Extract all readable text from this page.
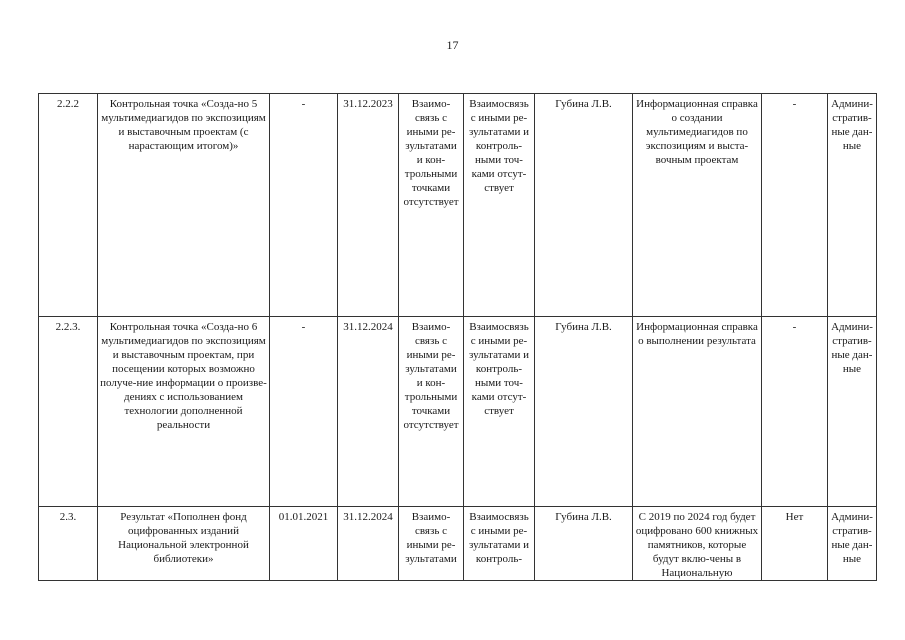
17
2.2.2	Контрольная точка «Созда-но 5 мультимедиагидов по экспозициям и выставочным проектам (с нарастающим итогом)»	-	31.12.2023	Взаимо-связь с иными ре-зультатами и кон-трольными точками отсутствует	Взаимосвязь с иными ре-зультатами и контроль-ными точ-ками отсут-ствует	Губина Л.В.	Информационная справка о создании мультимедиагидов по экспозициям и выста-вочным проектам	-	Админи-стратив-ные дан-ные
2.2.3.	Контрольная точка «Созда-но 6 мультимедиагидов по экспозициям и выставочным проектам, при посещении которых возможно получе-ние информации о произве-дениях с использованием технологии дополненной реальности	-	31.12.2024	Взаимо-связь с иными ре-зультатами и кон-трольными точками отсутствует	Взаимосвязь с иными ре-зультатами и контроль-ными точ-ками отсут-ствует	Губина Л.В.	Информационная справка о выполнении результата	-	Админи-стратив-ные дан-ные
2.3.	Результат «Пополнен фонд оцифрованных изданий Национальной электронной библиотеки»	01.01.2021	31.12.2024	Взаимо-связь с иными ре-зультатами	Взаимосвязь с иными ре-зультатами и контроль-	Губина Л.В.	С 2019 по 2024 год будет оцифровано 600 книжных памятников, которые будут вклю-чены в Национальную	Нет	Админи-стратив-ные дан-ные
